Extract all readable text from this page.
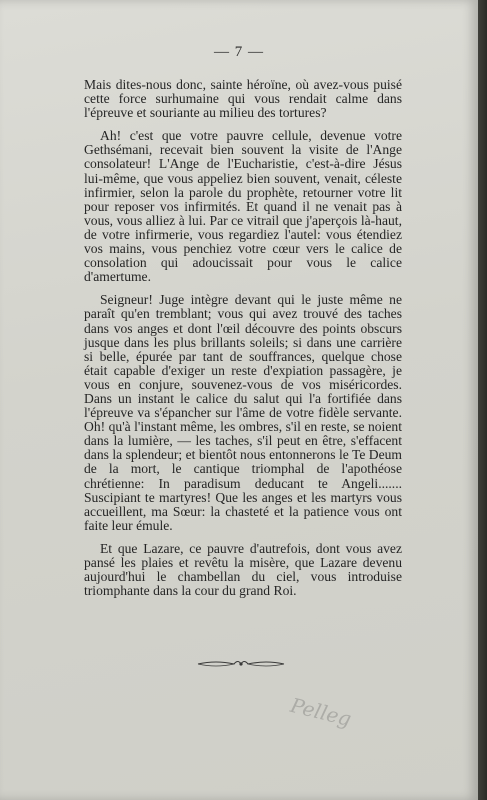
— 7 —

Mais dites-nous donc, sainte héroïne, où avez-vous puisé cette force surhumaine qui vous rendait calme dans l'épreuve et souriante au milieu des tortures?

Ah! c'est que votre pauvre cellule, devenue votre Gethsémani, recevait bien souvent la visite de l'Ange consolateur! L'Ange de l'Eucharistie, c'est-à-dire Jésus lui-même, que vous appeliez bien souvent, venait, céleste infirmier, selon la parole du prophète, retourner votre lit pour reposer vos infirmités. Et quand il ne venait pas à vous, vous alliez à lui. Par ce vitrail que j'aperçois là-haut, de votre infirmerie, vous regardiez l'autel: vous étendiez vos mains, vous penchiez votre cœur vers le calice de consolation qui adoucissait pour vous le calice d'amertume.

Seigneur! Juge intègre devant qui le juste même ne paraît qu'en tremblant; vous qui avez trouvé des taches dans vos anges et dont l'œil découvre des points obscurs jusque dans les plus brillants soleils; si dans une carrière si belle, épurée par tant de souffrances, quelque chose était capable d'exiger un reste d'expiation passagère, je vous en conjure, souvenez-vous de vos miséricordes. Dans un instant le calice du salut qui l'a fortifiée dans l'épreuve va s'épancher sur l'âme de votre fidèle servante. Oh! qu'à l'instant même, les ombres, s'il en reste, se noient dans la lumière, — les taches, s'il peut en être, s'effacent dans la splendeur; et bientôt nous entonnerons le Te Deum de la mort, le cantique triomphal de l'apothéose chrétienne: In paradisum deducant te Angeli....... Suscipiant te martyres! Que les anges et les martyrs vous accueillent, ma Sœur: la chasteté et la patience vous ont faite leur émule.

Et que Lazare, ce pauvre d'autrefois, dont vous avez pansé les plaies et revêtu la misère, que Lazare devenu aujourd'hui le chambellan du ciel, vous introduise triomphante dans la cour du grand Roi.

Pelleg
